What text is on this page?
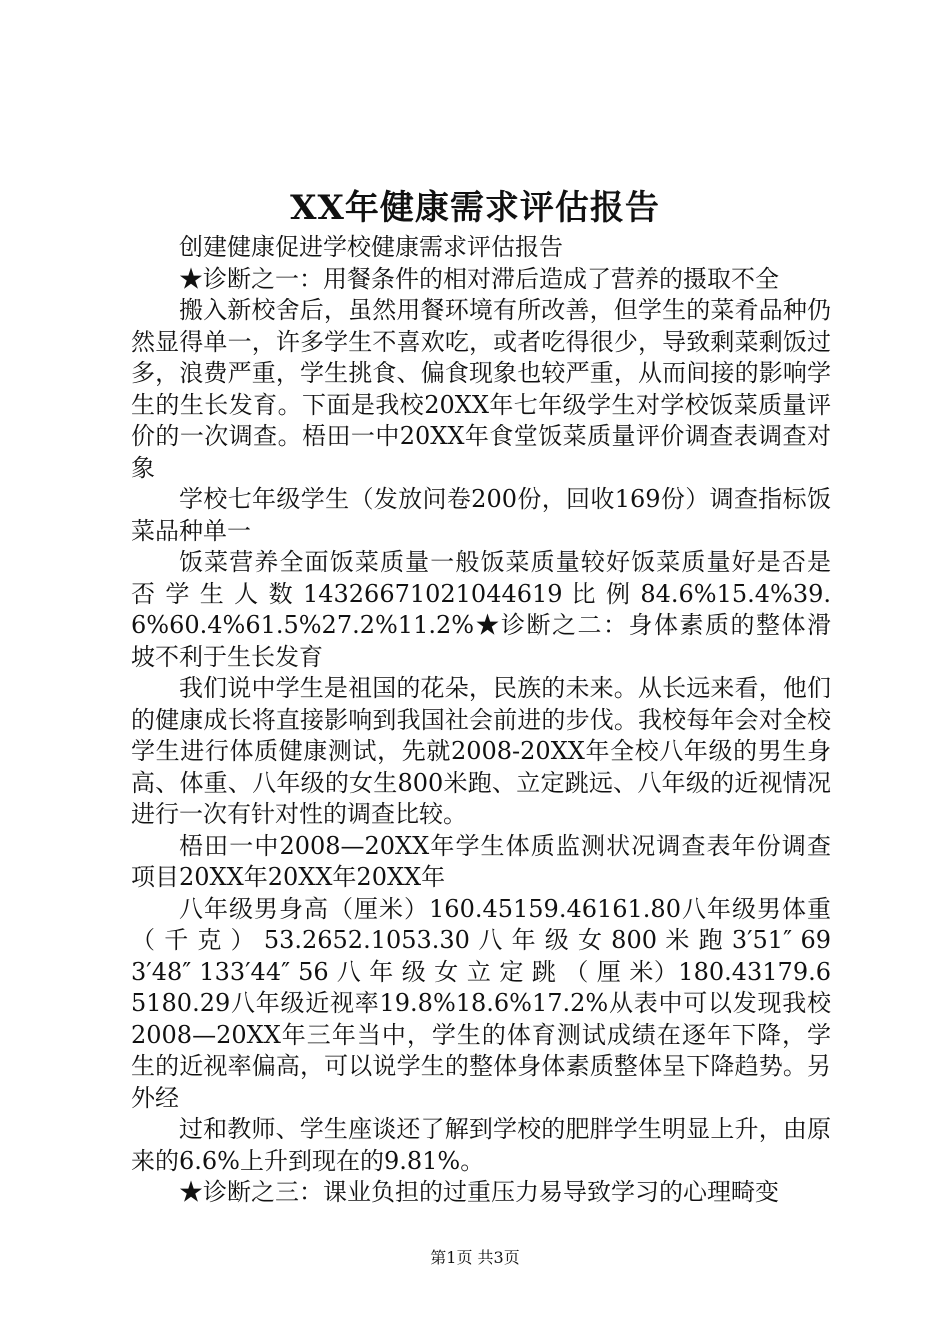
XX年健康需求评估报告

创建健康促进学校健康需求评估报告

★诊断之一：用餐条件的相对滞后造成了营养的摄取不全

搬入新校舍后，虽然用餐环境有所改善，但学生的菜肴品种仍然显得单一，许多学生不喜欢吃，或者吃得很少，导致剩菜剩饭过多，浪费严重，学生挑食、偏食现象也较严重，从而间接的影响学生的生长发育。下面是我校20XX年七年级学生对学校饭菜质量评价的一次调查。梧田一中20XX年食堂饭菜质量评价调查表调查对象

学校七年级学生（发放问卷200份，回收169份）调查指标饭菜品种单一

饭菜营养全面饭菜质量一般饭菜质量较好饭菜质量好是否是 否 学 生 人 数 14326671021044619 比 例 84.6%15.4%39.6%60.4%61.5%27.2%11.2%★诊断之二：身体素质的整体滑坡不利于生长发育

我们说中学生是祖国的花朵，民族的未来。从长远来看，他们的健康成长将直接影响到我国社会前进的步伐。我校每年会对全校学生进行体质健康测试，先就2008-20XX年全校八年级的男生身高、体重、八年级的女生800米跑、立定跳远、八年级的近视情况进行一次有针对性的调查比较。

梧田一中2008—20XX年学生体质监测状况调查表年份调查项目20XX年20XX年20XX年

八年级男身高（厘米）160.45159.46161.80八年级男体重（ 千 克 ） 53.2652.1053.30 八 年 级 女 800 米 跑 3′51″ 693′48″ 133′44″ 56 八 年 级 女 立 定 跳 （ 厘 米）180.43179.65180.29八年级近视率19.8%18.6%17.2%从表中可以发现我校2008—20XX年三年当中，学生的体育测试成绩在逐年下降，学生的近视率偏高，可以说学生的整体身体素质整体呈下降趋势。另外经

过和教师、学生座谈还了解到学校的肥胖学生明显上升，由原来的6.6%上升到现在的9.81%。

★诊断之三：课业负担的过重压力易导致学习的心理畸变

第1页 共3页
